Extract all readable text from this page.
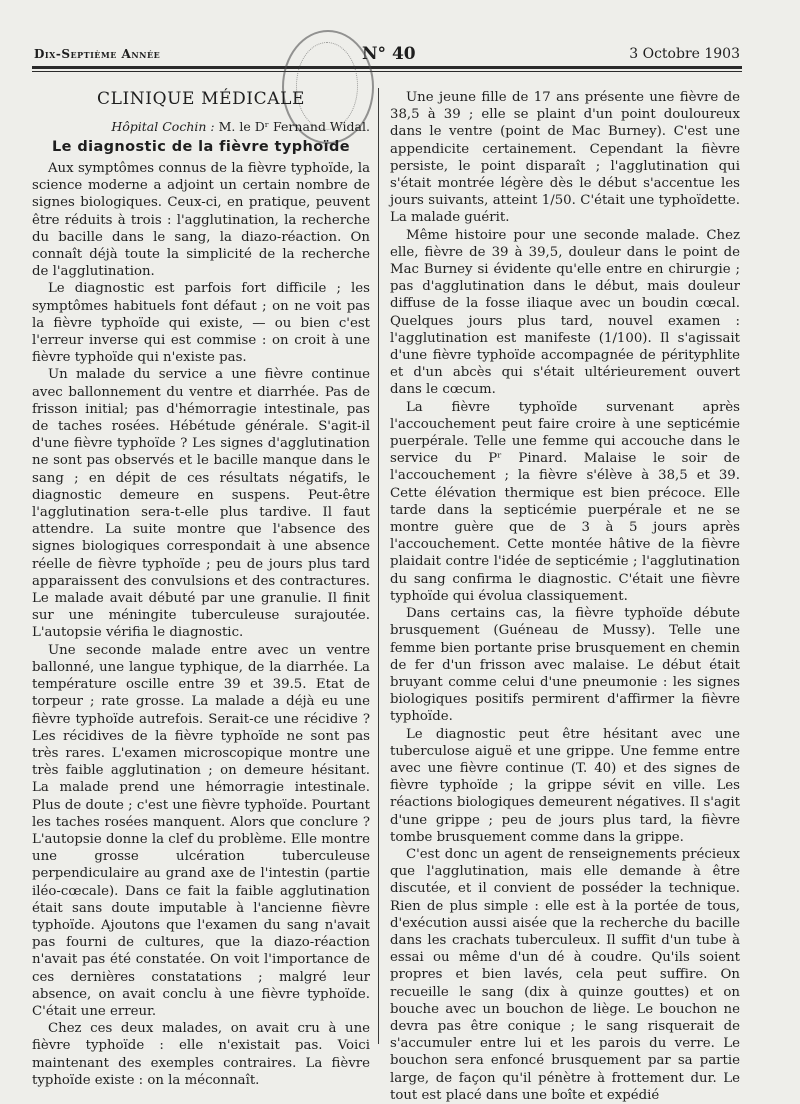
Dix-Septième Année	N° 40	3 Octobre 1903
CLINIQUE MÉDICALE
Hôpital Cochin : M. le Dʳ Fernand Widal.
Le diagnostic de la fièvre typhoïde

Aux symptômes connus de la fièvre typhoïde, la science moderne a adjoint un certain nombre de signes biologiques. Ceux-ci, en pratique, peuvent être réduits à trois : l'agglutination, la recherche du bacille dans le sang, la diazo-réaction. On connaît déjà toute la simplicité de la recherche de l'agglutination.

Le diagnostic est parfois fort difficile ; les symptômes habituels font défaut ; on ne voit pas la fièvre typhoïde qui existe, — ou bien c'est l'erreur inverse qui est commise : on croit à une fièvre typhoïde qui n'existe pas.

Un malade du service a une fièvre continue avec ballonnement du ventre et diarrhée. Pas de frisson initial; pas d'hémorragie intestinale, pas de taches rosées. Hébétude générale. S'agit-il d'une fièvre typhoïde ? Les signes d'agglutination ne sont pas observés et le bacille manque dans le sang ; en dépit de ces résultats négatifs, le diagnostic demeure en suspens. Peut-être l'agglutination sera-t-elle plus tardive. Il faut attendre. La suite montre que l'absence des signes biologiques correspondait à une absence réelle de fièvre typhoïde ; peu de jours plus tard apparaissent des convulsions et des contractures. Le malade avait débuté par une granulie. Il finit sur une méningite tuberculeuse surajoutée. L'autopsie vérifia le diagnostic.

Une seconde malade entre avec un ventre ballonné, une langue typhique, de la diarrhée. La température oscille entre 39 et 39.5. Etat de torpeur ; rate grosse. La malade a déjà eu une fièvre typhoïde autrefois. Serait-ce une récidive ? Les récidives de la fièvre typhoïde ne sont pas très rares. L'examen microscopique montre une très faible agglutination ; on demeure hésitant. La malade prend une hémorragie intestinale. Plus de doute ; c'est une fièvre typhoïde. Pourtant les taches rosées manquent. Alors que conclure ? L'autopsie donne la clef du problème. Elle montre une grosse ulcération tuberculeuse perpendiculaire au grand axe de l'intestin (partie iléo-cœcale). Dans ce fait la faible agglutination était sans doute imputable à l'ancienne fièvre typhoïde. Ajoutons que l'examen du sang n'avait pas fourni de cultures, que la diazo-réaction n'avait pas été constatée. On voit l'importance de ces dernières constatations ; malgré leur absence, on avait conclu à une fièvre typhoïde. C'était une erreur.

Chez ces deux malades, on avait cru à une fièvre typhoïde : elle n'existait pas. Voici maintenant des exemples contraires. La fièvre typhoïde existe : on la méconnaît.

Une jeune fille de 17 ans présente une fièvre de 38,5 à 39 ; elle se plaint d'un point douloureux dans le ventre (point de Mac Burney). C'est une appendicite certainement. Cependant la fièvre persiste, le point disparaît ; l'agglutination qui s'était montrée légère dès le début s'accentue les jours suivants, atteint 1/50. C'était une typhoïdette. La malade guérit.

Même histoire pour une seconde malade. Chez elle, fièvre de 39 à 39,5, douleur dans le point de Mac Burney si évidente qu'elle entre en chirurgie ; pas d'agglutination dans le début, mais douleur diffuse de la fosse iliaque avec un boudin cœcal. Quelques jours plus tard, nouvel examen : l'agglutination est manifeste (1/100). Il s'agissait d'une fièvre typhoïde accompagnée de pérityphlite et d'un abcès qui s'était ultérieurement ouvert dans le cœcum.

La fièvre typhoïde survenant après l'accouchement peut faire croire à une septicémie puerpérale. Telle une femme qui accouche dans le service du Pʳ Pinard. Malaise le soir de l'accouchement ; la fièvre s'élève à 38,5 et 39. Cette élévation thermique est bien précoce. Elle tarde dans la septicémie puerpérale et ne se montre guère que de 3 à 5 jours après l'accouchement. Cette montée hâtive de la fièvre plaidait contre l'idée de septicémie ; l'agglutination du sang confirma le diagnostic. C'était une fièvre typhoïde qui évolua classiquement.

Dans certains cas, la fièvre typhoïde débute brusquement (Guéneau de Mussy). Telle une femme bien portante prise brusquement en chemin de fer d'un frisson avec malaise. Le début était bruyant comme celui d'une pneumonie : les signes biologiques positifs permirent d'affirmer la fièvre typhoïde.

Le diagnostic peut être hésitant avec une tuberculose aiguë et une grippe. Une femme entre avec une fièvre continue (T. 40) et des signes de fièvre typhoïde ; la grippe sévit en ville. Les réactions biologiques demeurent négatives. Il s'agit d'une grippe ; peu de jours plus tard, la fièvre tombe brusquement comme dans la grippe.

C'est donc un agent de renseignements précieux que l'agglutination, mais elle demande à être discutée, et il convient de posséder la technique. Rien de plus simple : elle est à la portée de tous, d'exécution aussi aisée que la recherche du bacille dans les crachats tuberculeux. Il suffit d'un tube à essai ou même d'un dé à coudre. Qu'ils soient propres et bien lavés, cela peut suffire. On recueille le sang (dix à quinze gouttes) et on bouche avec un bouchon de liège. Le bouchon ne devra pas être conique ; le sang risquerait de s'accumuler entre lui et les parois du verre. Le bouchon sera enfoncé brusquement par sa partie large, de façon qu'il pénètre à frottement dur. Le tout est placé dans une boîte et expédié
